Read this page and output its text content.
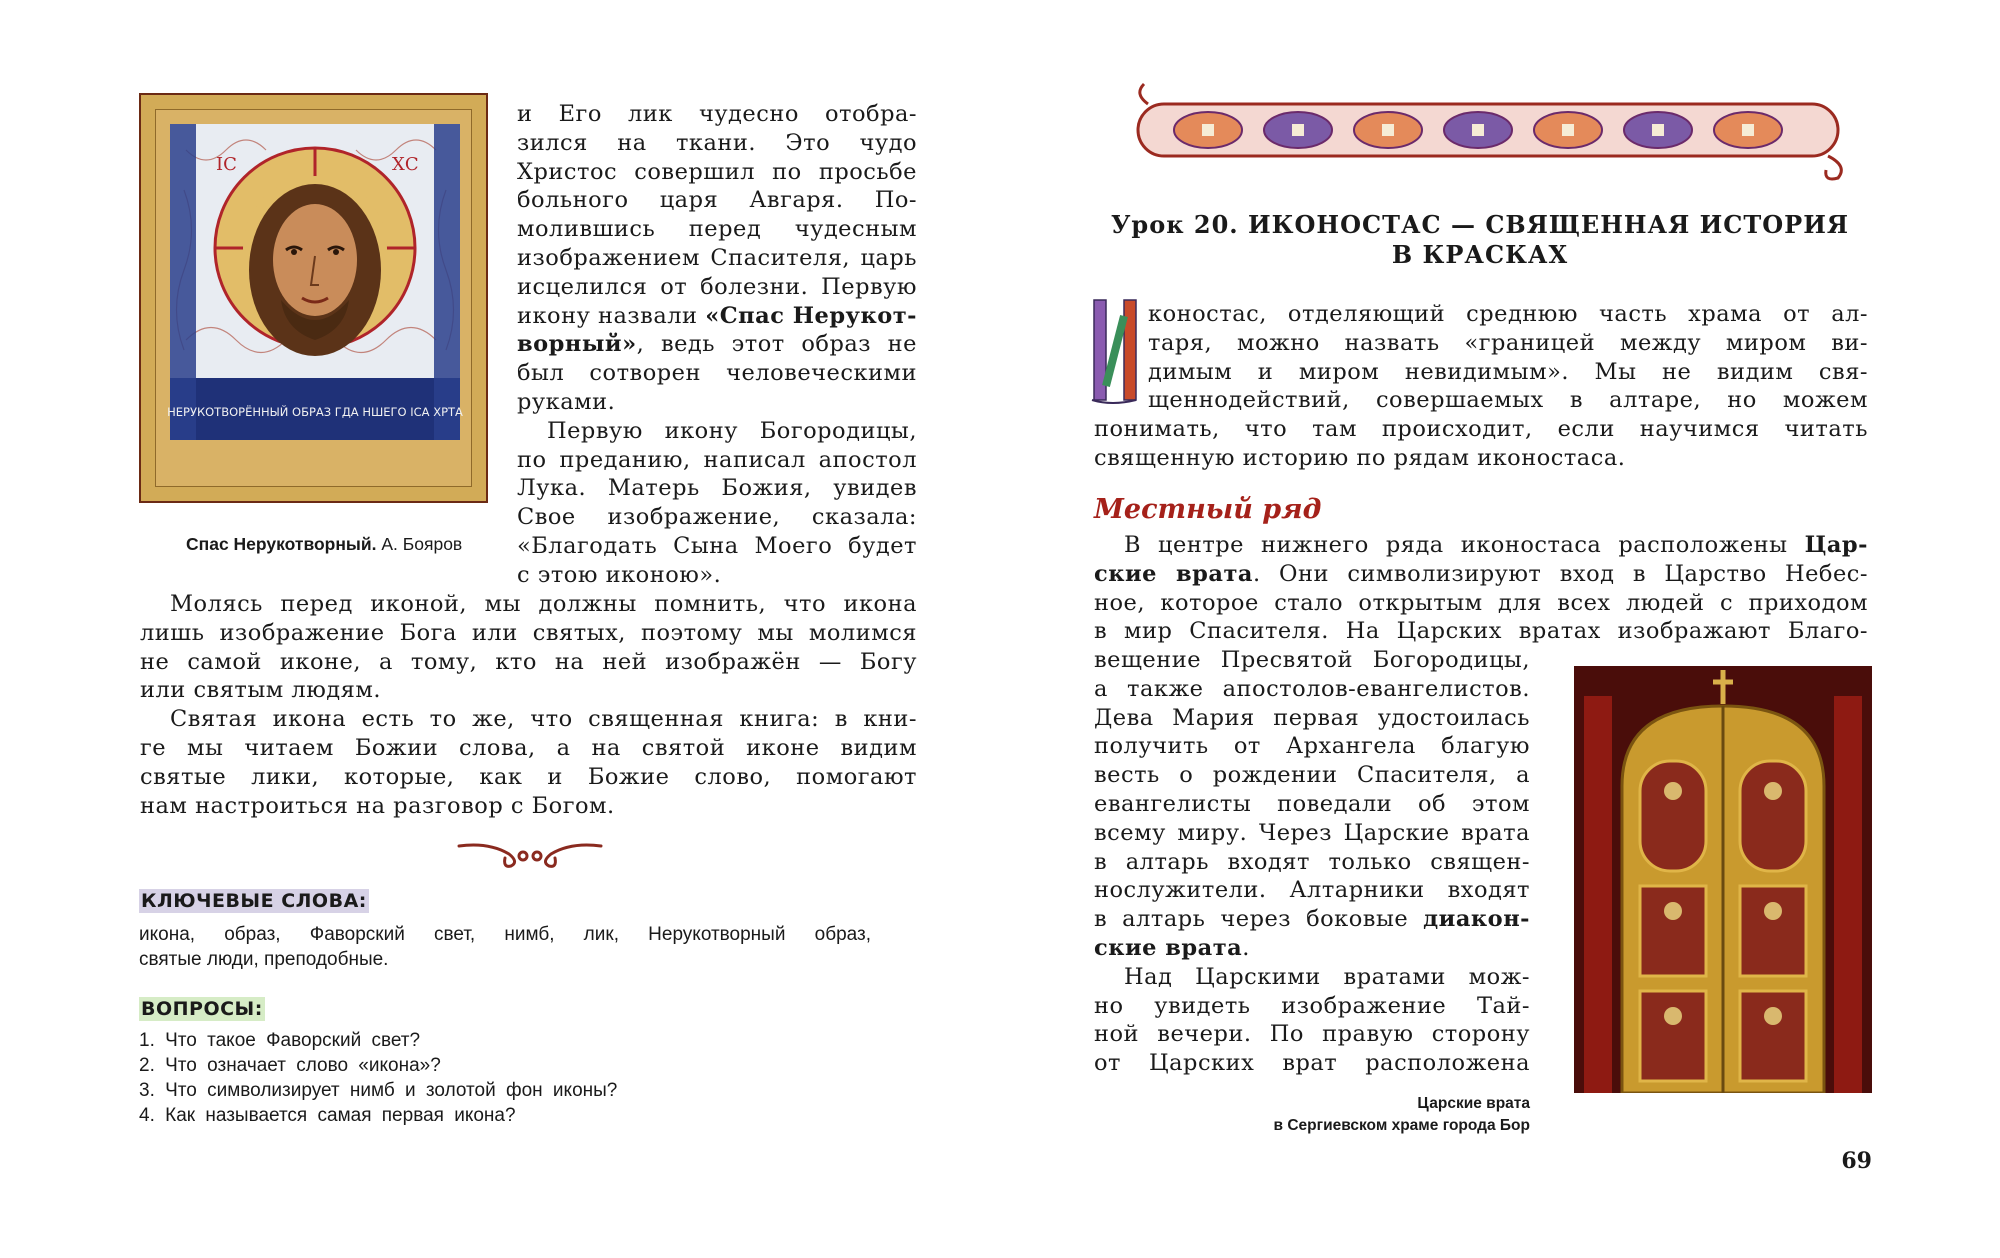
ІС	ХС
НЕРУКОТВОРЁННЫЙ ОБРАЗ ГДА НШЕГО ІСА ХРТА
Спас Нерукотворный. А. Бояров
и Его лик чудесно отобра-
зился на ткани. Это чудо
Христос совершил по просьбе
больного царя Авгаря. По-
молившись перед чудесным
изображением Спасителя, царь
исцелился от болезни. Первую
икону назвали «Спас Нерукот-
ворный», ведь этот образ не
был сотворен человеческими
руками.
Первую икону Богородицы,
по преданию, написал апостол
Лука. Матерь Божия, увидев
Свое изображение, сказала:
«Благодать Сына Моего будет
с этою иконою».
Молясь перед иконой, мы должны помнить, что икона
лишь изображение Бога или святых, поэтому мы молимся
не самой иконе, а тому, кто на ней изображён — Богу
или святым людям.
Святая икона есть то же, что священная книга: в кни-
ге мы читаем Божии слова, а на святой иконе видим
святые лики, которые, как и Божие слово, помогают
нам настроиться на разговор с Богом.
КЛЮЧЕВЫЕ СЛОВА:
икона, образ, Фаворский свет, нимб, лик, Нерукотворный образ,
святые люди, преподобные.
ВОПРОСЫ:
1. Что такое Фаворский свет?
2. Что означает слово «икона»?
3. Что символизирует нимб и золотой фон иконы?
4. Как называется самая первая икона?
Урок 20. ИКОНОСТАС — СВЯЩЕННАЯ ИСТОРИЯ
В КРАСКАХ
коностас, отделяющий среднюю часть храма от ал-
таря, можно назвать «границей между миром ви-
димым и миром невидимым». Мы не видим свя-
щеннодействий, совершаемых в алтаре, но можем
понимать, что там происходит, если научимся читать
священную историю по рядам иконостаса.
Местный ряд
В центре нижнего ряда иконостаса расположены Цар-
ские врата. Они символизируют вход в Царство Небес-
ное, которое стало открытым для всех людей с приходом
в мир Спасителя. На Царских вратах изображают Благо-
вещение Пресвятой Богородицы,
а также апостолов-евангелистов.
Дева Мария первая удостоилась
получить от Архангела благую
весть о рождении Спасителя, а
евангелисты поведали об этом
всему миру. Через Царские врата
в алтарь входят только священ-
нослужители. Алтарники входят
в алтарь через боковые диакон-
ские врата.
Над Царскими вратами мож-
но увидеть изображение Тай-
ной вечери. По правую сторону
от Царских врат расположена
Царские врата
в Сергиевском храме города Бор
69
